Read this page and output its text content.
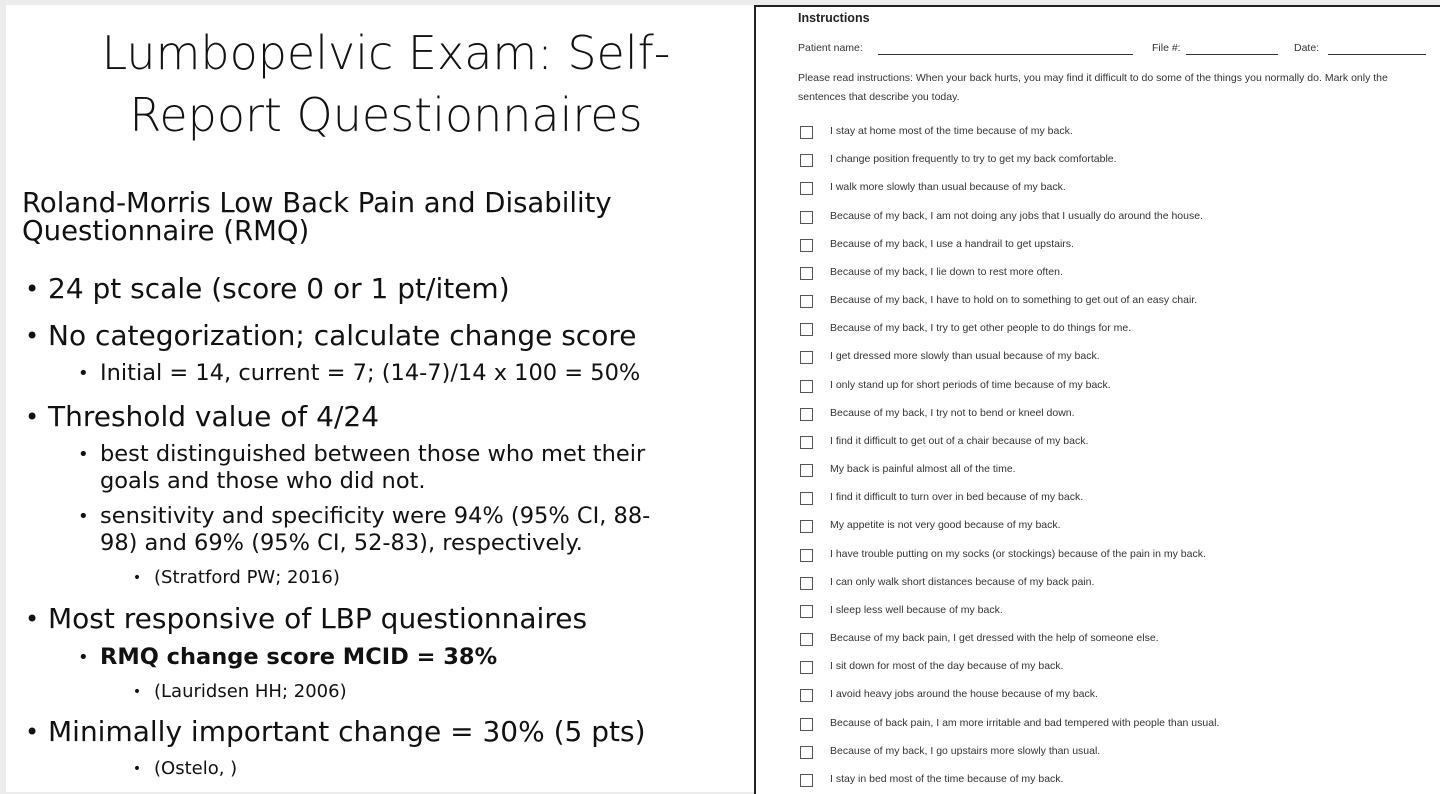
Lumbopelvic Exam: Self-
Report Questionnaires
Roland-Morris Low Back Pain and Disability
Questionnaire (RMQ)
• 24 pt scale (score 0 or 1 pt/item)
• No categorization; calculate change score
• Initial = 14, current = 7; (14-7)/14 x 100 = 50%
• Threshold value of 4/24
• best distinguished between those who met their
goals and those who did not.
• sensitivity and specificity were 94% (95% CI, 88-
98) and 69% (95% CI, 52-83), respectively.
• (Stratford PW; 2016)
• Most responsive of LBP questionnaires
• RMQ change score MCID = 38%
• (Lauridsen HH; 2006)
• Minimally important change = 30% (5 pts)
• (Ostelo, )
Instructions
Patient name:	File #:	Date:
Please read instructions: When your back hurts, you may find it difficult to do some of the things you normally do. Mark only the sentences that describe you today.
I stay at home most of the time because of my back.
I change position frequently to try to get my back comfortable.
I walk more slowly than usual because of my back.
Because of my back, I am not doing any jobs that I usually do around the house.
Because of my back, I use a handrail to get upstairs.
Because of my back, I lie down to rest more often.
Because of my back, I have to hold on to something to get out of an easy chair.
Because of my back, I try to get other people to do things for me.
I get dressed more slowly than usual because of my back.
I only stand up for short periods of time because of my back.
Because of my back, I try not to bend or kneel down.
I find it difficult to get out of a chair because of my back.
My back is painful almost all of the time.
I find it difficult to turn over in bed because of my back.
My appetite is not very good because of my back.
I have trouble putting on my socks (or stockings) because of the pain in my back.
I can only walk short distances because of my back pain.
I sleep less well because of my back.
Because of my back pain, I get dressed with the help of someone else.
I sit down for most of the day because of my back.
I avoid heavy jobs around the house because of my back.
Because of back pain, I am more irritable and bad tempered with people than usual.
Because of my back, I go upstairs more slowly than usual.
I stay in bed most of the time because of my back.
